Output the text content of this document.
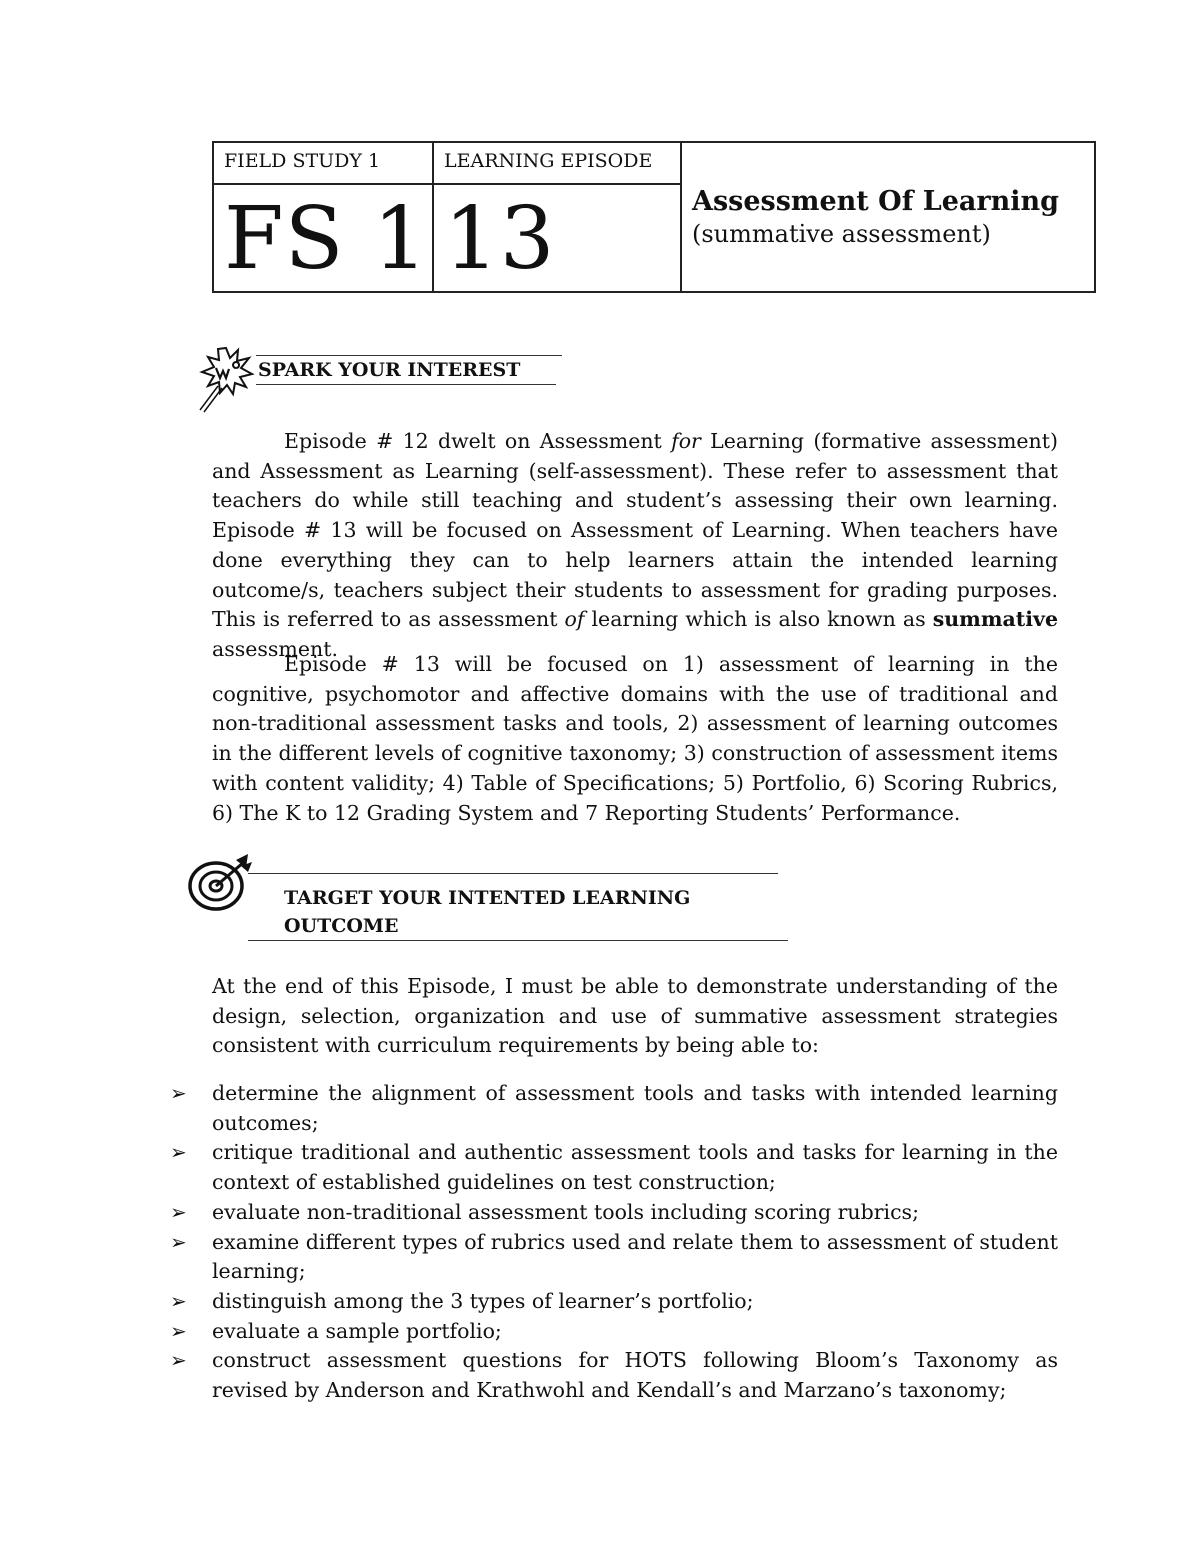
FIELD STUDY 1	LEARNING EPISODE	Assessment Of Learning
(summative assessment)

FS 1	13	
SPARK YOUR INTEREST

Episode # 12 dwelt on Assessment for Learning (formative assessment) and Assessment as Learning (self-assessment). These refer to assessment that teachers do while still teaching and student’s assessing their own learning. Episode # 13 will be focused on Assessment of Learning. When teachers have done everything they can to help learners attain the intended learning outcome/s, teachers subject their students to assessment for grading purposes. This is referred to as assessment of learning which is also known as summative assessment.

Episode # 13 will be focused on 1) assessment of learning in the cognitive, psychomotor and affective domains with the use of traditional and non-traditional assessment tasks and tools, 2) assessment of learning outcomes in the different levels of cognitive taxonomy; 3) construction of assessment items with content validity; 4) Table of Specifications; 5) Portfolio, 6) Scoring Rubrics, 6) The K to 12 Grading System and 7 Reporting Students’ Performance.

TARGET YOUR INTENTED LEARNING OUTCOME

At the end of this Episode, I must be able to demonstrate understanding of the design, selection, organization and use of summative assessment strategies consistent with curriculum requirements by being able to:

➢	determine the alignment of assessment tools and tasks with intended learning outcomes;
➢	critique traditional and authentic assessment tools and tasks for learning in the context of established guidelines on test construction;
➢	evaluate non-traditional assessment tools including scoring rubrics;
➢	examine different types of rubrics used and relate them to assessment of student learning;
➢	distinguish among the 3 types of learner’s portfolio;
➢	evaluate a sample portfolio;
➢	construct assessment questions for HOTS following Bloom’s Taxonomy as revised by Anderson and Krathwohl and Kendall’s and Marzano’s taxonomy;
